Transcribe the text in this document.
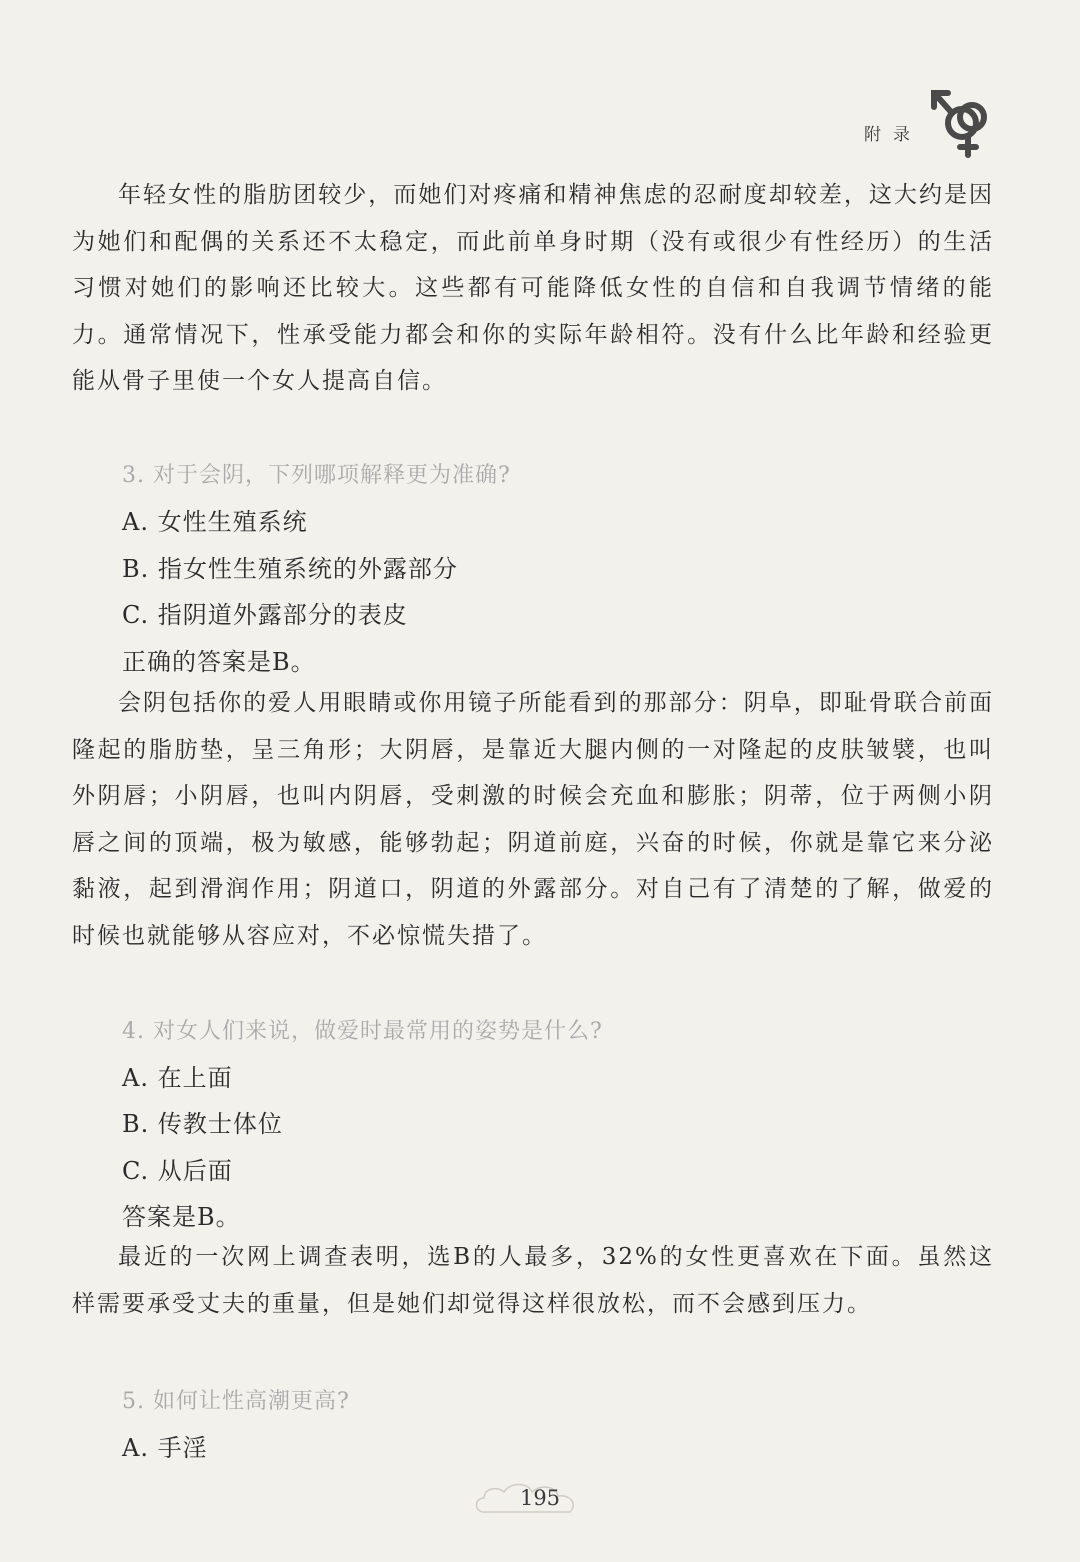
附录

年轻女性的脂肪团较少，而她们对疼痛和精神焦虑的忍耐度却较差，这大约是因为她们和配偶的关系还不太稳定，而此前单身时期（没有或很少有性经历）的生活习惯对她们的影响还比较大。这些都有可能降低女性的自信和自我调节情绪的能力。通常情况下，性承受能力都会和你的实际年龄相符。没有什么比年龄和经验更能从骨子里使一个女人提高自信。

3. 对于会阴，下列哪项解释更为准确?
A. 女性生殖系统
B. 指女性生殖系统的外露部分
C. 指阴道外露部分的表皮
正确的答案是B。

会阴包括你的爱人用眼睛或你用镜子所能看到的那部分：阴阜，即耻骨联合前面隆起的脂肪垫，呈三角形；大阴唇，是靠近大腿内侧的一对隆起的皮肤皱襞，也叫外阴唇；小阴唇，也叫内阴唇，受刺激的时候会充血和膨胀；阴蒂，位于两侧小阴唇之间的顶端，极为敏感，能够勃起；阴道前庭，兴奋的时候，你就是靠它来分泌黏液，起到滑润作用；阴道口，阴道的外露部分。对自己有了清楚的了解，做爱的时候也就能够从容应对，不必惊慌失措了。

4. 对女人们来说，做爱时最常用的姿势是什么?
A. 在上面
B. 传教士体位
C. 从后面
答案是B。

最近的一次网上调查表明，选B的人最多，32%的女性更喜欢在下面。虽然这样需要承受丈夫的重量，但是她们却觉得这样很放松，而不会感到压力。

5. 如何让性高潮更高?
A. 手淫
195
